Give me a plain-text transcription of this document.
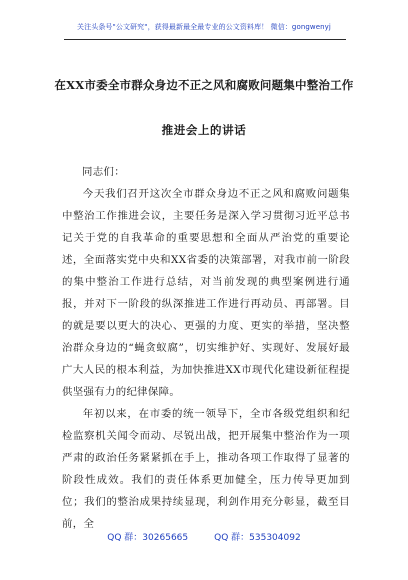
关注头条号"公文研究"，获得最新最全最专业的公文资料库！ 微信：gongwenyj
在XX市委全市群众身边不正之风和腐败问题集中整治工作
推进会上的讲话

同志们：

今天我们召开这次全市群众身边不正之风和腐败问题集中整治工作推进会议，主要任务是深入学习贯彻习近平总书记关于党的自我革命的重要思想和全面从严治党的重要论述，全面落实党中央和XX省委的决策部署，对我市前一阶段的集中整治工作进行总结，对当前发现的典型案例进行通报，并对下一阶段的纵深推进工作进行再动员、再部署。目的就是要以更大的决心、更强的力度、更实的举措，坚决整治群众身边的“蝇贪蚁腐”，切实维护好、实现好、发展好最广大人民的根本利益，为加快推进XX市现代化建设新征程提供坚强有力的纪律保障。

年初以来，在市委的统一领导下，全市各级党组织和纪检监察机关闻令而动、尽锐出战，把开展集中整治作为一项严肃的政治任务紧紧抓在手上，推动各项工作取得了显著的阶段性成效。我们的责任体系更加健全，压力传导更加到位；我们的整治成果持续显现，利剑作用充分彰显，截至目前，全

QQ 群：30265665	QQ 群：535304092
